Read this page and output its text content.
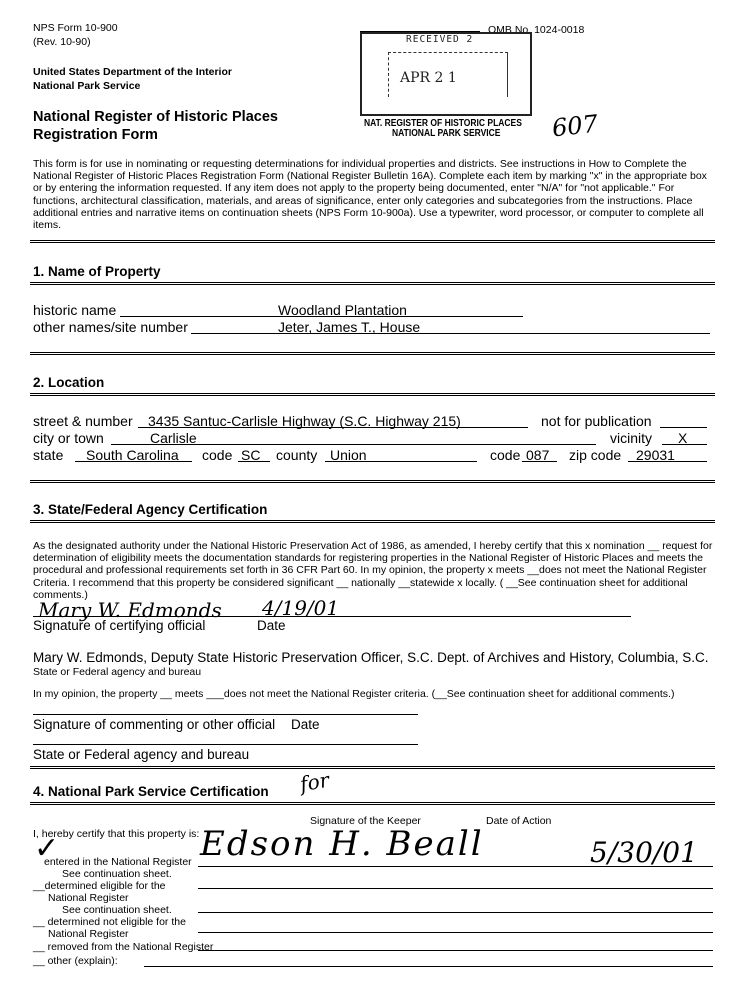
NPS Form 10-900
(Rev. 10-90)
United States Department of the Interior
National Park Service
National Register of Historic Places
Registration Form
OMB No. 1024-0018
RECEIVED 2
APR 2 1
NAT. REGISTER OF HISTORIC PLACES
NATIONAL PARK SERVICE 607
This form is for use in nominating or requesting determinations for individual properties and districts. See instructions in How to Complete the National Register of Historic Places Registration Form (National Register Bulletin 16A). Complete each item by marking "x" in the appropriate box or by entering the information requested. If any item does not apply to the property being documented, enter "N/A" for "not applicable." For functions, architectural classification, materials, and areas of significance, enter only categories and subcategories from the instructions. Place additional entries and narrative items on continuation sheets (NPS Form 10-900a). Use a typewriter, word processor, or computer to complete all items.
1. Name of Property
historic name	Woodland Plantation
other names/site number	Jeter, James T., House
2. Location
street & number 3435 Santuc-Carlisle Highway (S.C. Highway 215)	not for publication
city or town	Carlisle	vicinity X
state South Carolina code SC county Union	code 087 zip code 29031
3. State/Federal Agency Certification
As the designated authority under the National Historic Preservation Act of 1986, as amended, I hereby certify that this x nomination __ request for determination of eligibility meets the documentation standards for registering properties in the National Register of Historic Places and meets the procedural and professional requirements set forth in 36 CFR Part 60. In my opinion, the property x meets __does not meet the National Register Criteria. I recommend that this property be considered significant __ nationally __statewide x locally. ( __See continuation sheet for additional comments.)
Mary W. Edmonds 4/19/01
Signature of certifying official	Date
Mary W. Edmonds, Deputy State Historic Preservation Officer, S.C. Dept. of Archives and History, Columbia, S.C.
State or Federal agency and bureau
In my opinion, the property __ meets ___does not meet the National Register criteria. (__See continuation sheet for additional comments.)
Signature of commenting or other official Date
State or Federal agency and bureau
4. National Park Service Certification
I, hereby certify that this property is:
Signature of the Keeper	Date of Action
for
Edson H. Beall	5/30/01
✓
entered in the National Register
See continuation sheet.
__determined eligible for the
National Register
See continuation sheet.
__ determined not eligible for the
National Register
__ removed from the National Register
__ other (explain):
